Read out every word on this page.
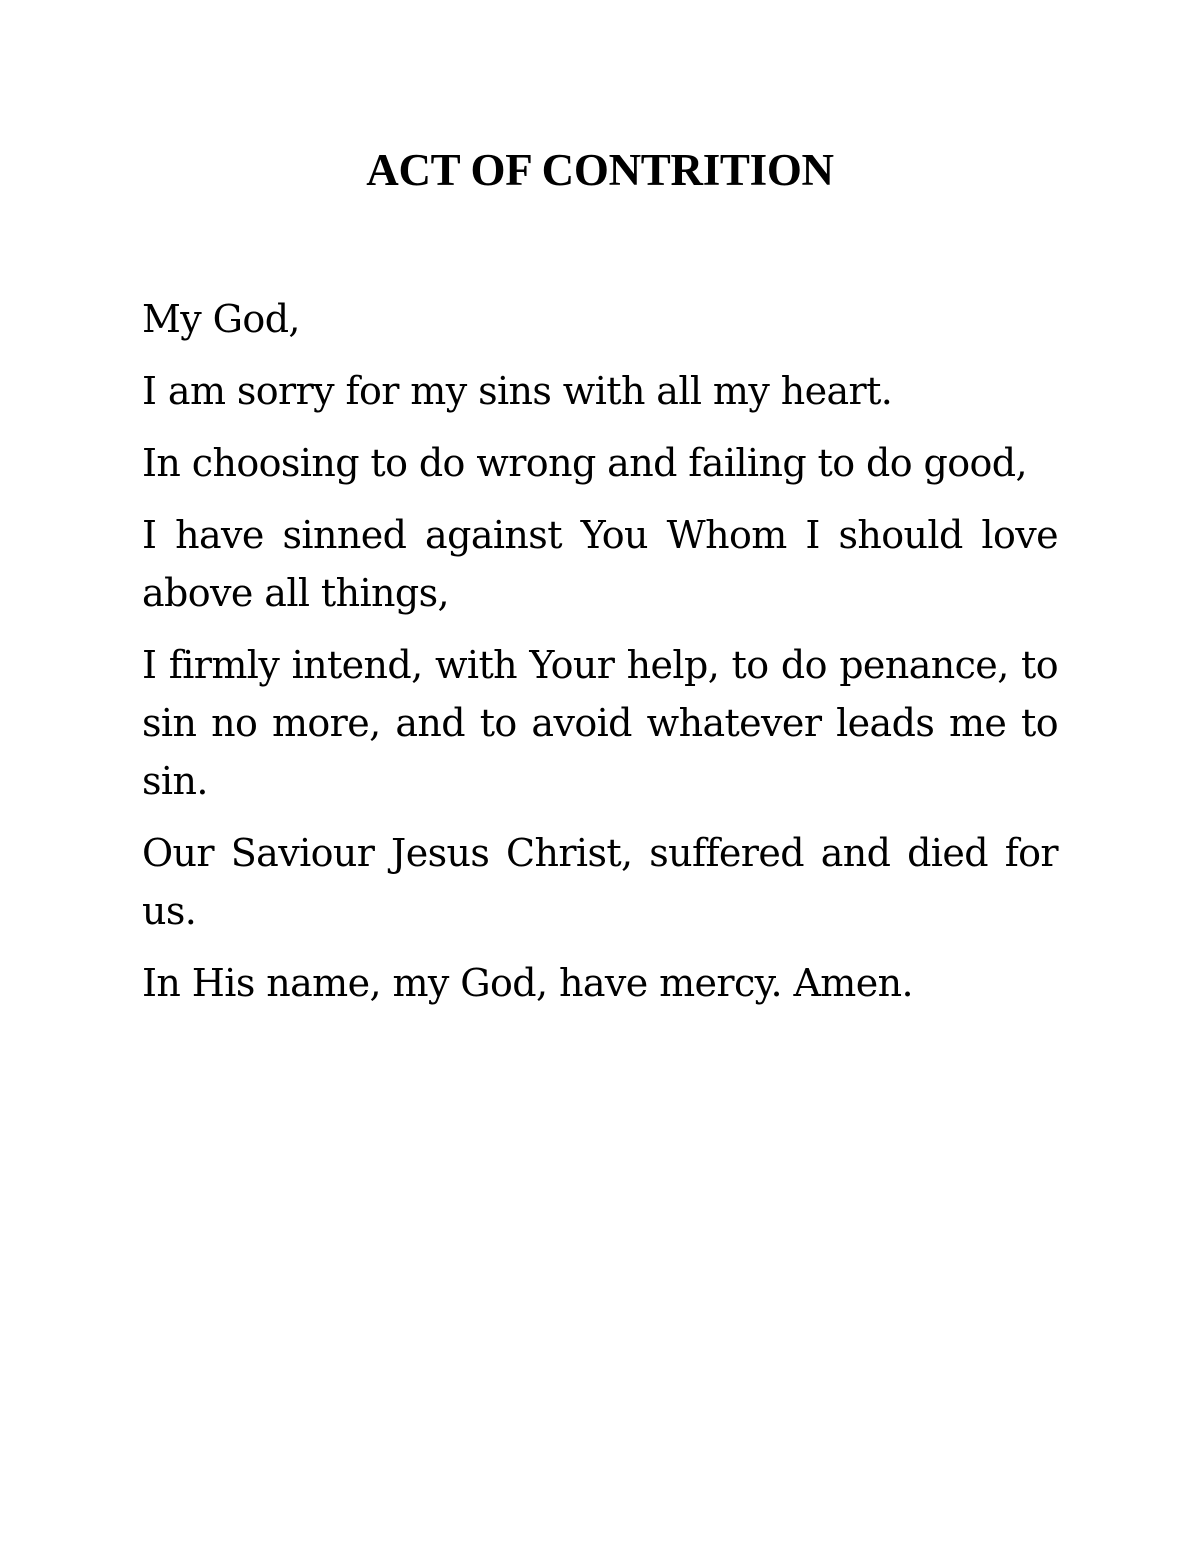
ACT OF CONTRITION

My God,

I am sorry for my sins with all my heart.

In choosing to do wrong and failing to do good,

I have sinned against You Whom I should love above all things,

I firmly intend, with Your help, to do penance, to sin no more, and to avoid whatever leads me to sin.

Our Saviour Jesus Christ, suffered and died for us.

In His name, my God, have mercy. Amen.
